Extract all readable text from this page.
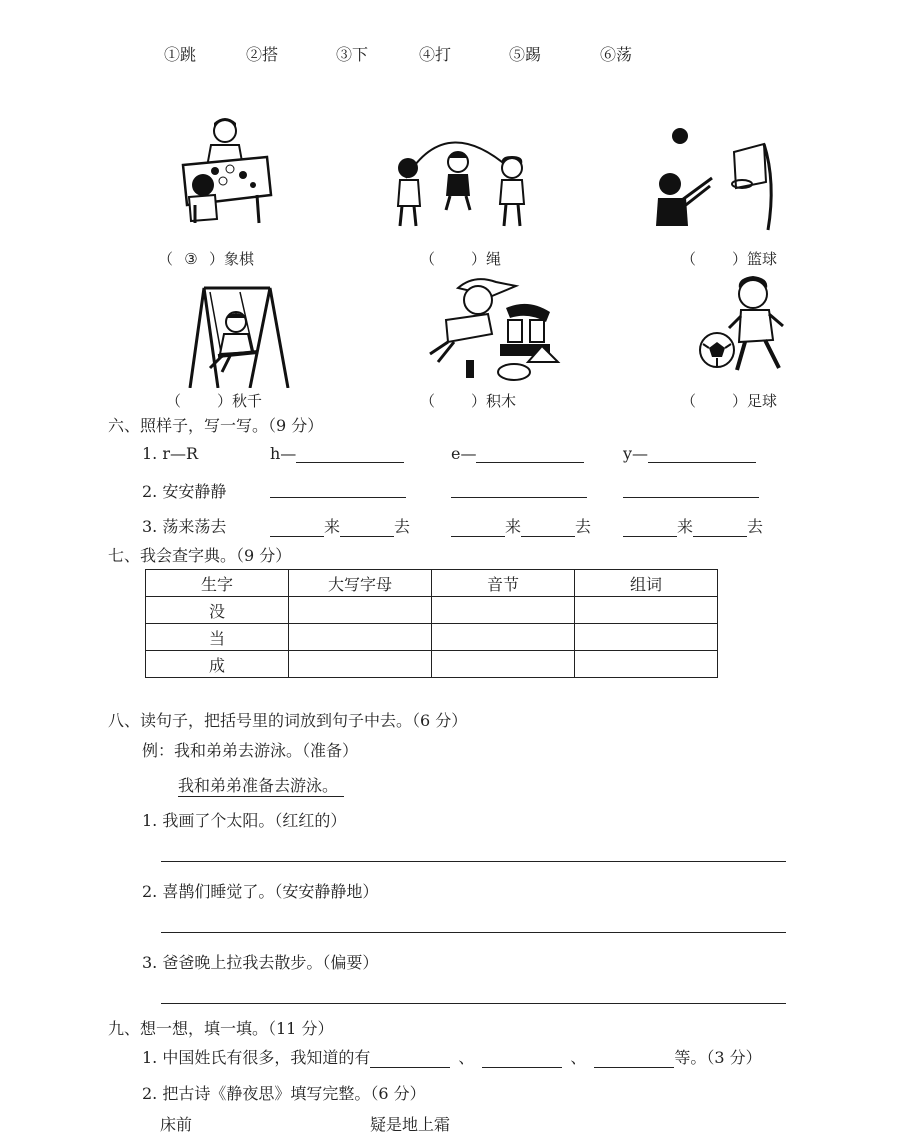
①跳	②搭	③下	④打	⑤踢	⑥荡
（ ③ ）象棋	（ ）绳	（ ）篮球
（ ）秋千	（ ）积木	（ ）足球
六、照样子，写一写。（9 分）
1. r—R	h—	e—	y—
2. 安安静静
3. 荡来荡去	来	去	来	去	来	去
七、我会查字典。（9 分）
生字	大写字母	音节	组词
没			
当			
成			
八、读句子，把括号里的词放到句子中去。（6 分）
例：我和弟弟去游泳。（准备）
我和弟弟准备去游泳。
1. 我画了个太阳。（红红的）
2. 喜鹊们睡觉了。（安安静静地）
3. 爸爸晚上拉我去散步。（偏要）
九、想一想，填一填。（11 分）
1. 中国姓氏有很多，我知道的有	、	、	等。（3 分）
2. 把古诗《静夜思》填写完整。（6 分）
床前	疑是地上霜
